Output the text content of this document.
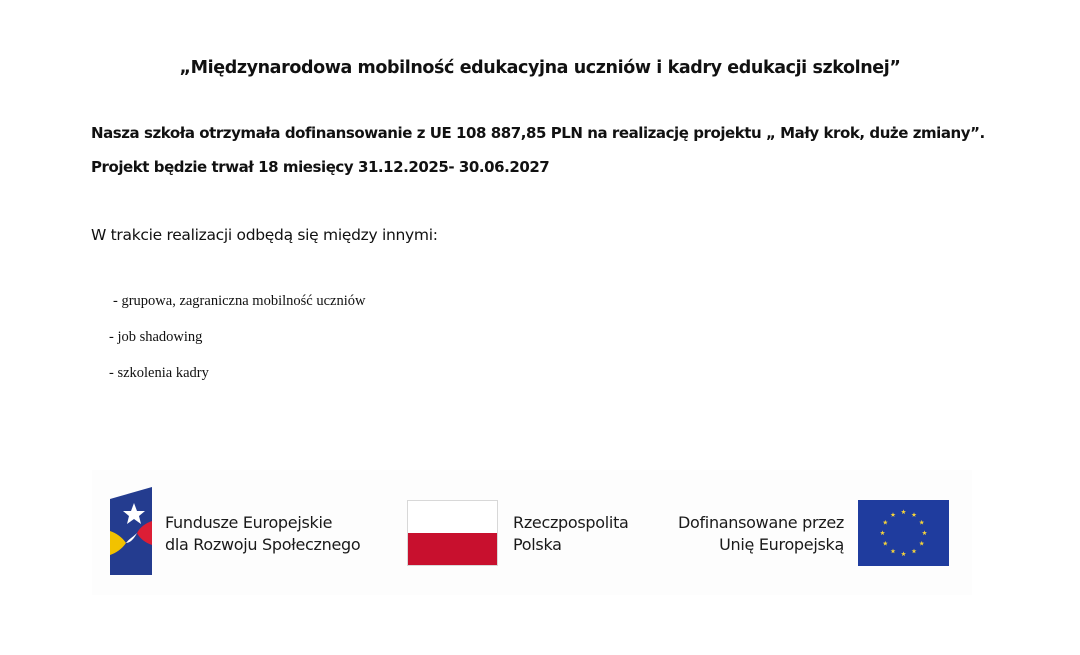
„Międzynarodowa mobilność edukacyjna uczniów i kadry edukacji szkolnej”
Nasza szkoła otrzymała dofinansowanie z UE 108 887,85 PLN na realizację projektu „ Mały krok, duże zmiany”.
Projekt będzie trwał 18 miesięcy 31.12.2025- 30.06.2027
W trakcie realizacji odbędą się między innymi:
- grupowa, zagraniczna mobilność uczniów
- job shadowing
- szkolenia kadry
Fundusze Europejskie
dla Rozwoju Społecznego
Rzeczpospolita
Polska
Dofinansowane przez
Unię Europejską
